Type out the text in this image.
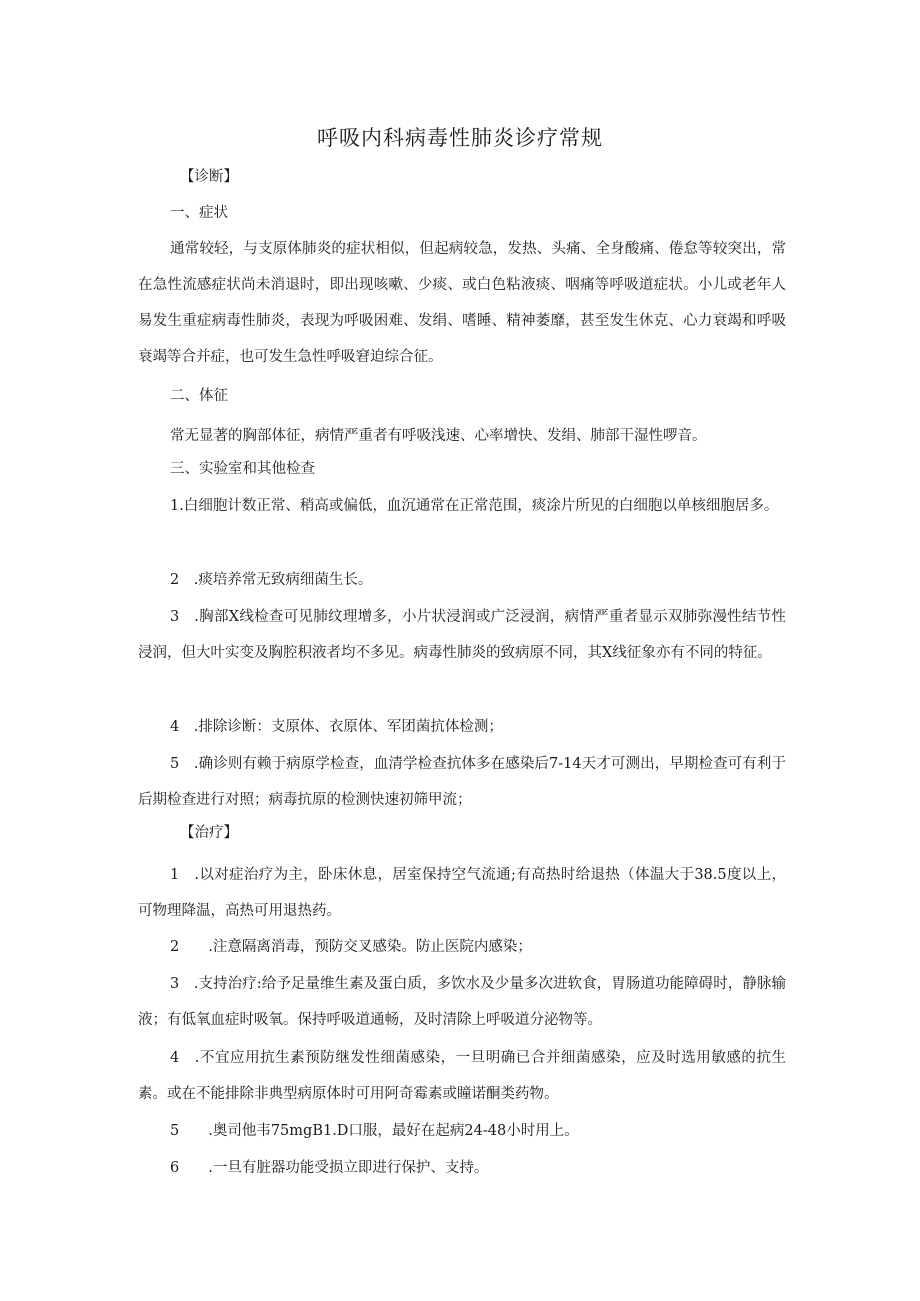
呼吸内科病毒性肺炎诊疗常规
【诊断】
一、症状
通常较轻，与支原体肺炎的症状相似，但起病较急，发热、头痛、全身酸痛、倦怠等较突出，常在急性流感症状尚未消退时，即出现咳嗽、少痰、或白色粘液痰、咽痛等呼吸道症状。小儿或老年人易发生重症病毒性肺炎，表现为呼吸困难、发绢、嗜睡、精神萎靡，甚至发生休克、心力衰竭和呼吸衰竭等合并症，也可发生急性呼吸窘迫综合征。
二、体征
常无显著的胸部体征，病情严重者有呼吸浅速、心率增快、发绢、肺部干湿性啰音。
三、实验室和其他检查
1.白细胞计数正常、稍高或偏低，血沉通常在正常范围，痰涂片所见的白细胞以单核细胞居多。
2　.痰培养常无致病细菌生长。
3　.胸部X线检查可见肺纹理增多，小片状浸润或广泛浸润，病情严重者显示双肺弥漫性结节性浸润，但大叶实变及胸腔积液者均不多见。病毒性肺炎的致病原不同，其X线征象亦有不同的特征。
4　.排除诊断：支原体、衣原体、军团菌抗体检测；
5　.确诊则有赖于病原学检查，血清学检查抗体多在感染后7-14天才可测出，早期检查可有利于后期检查进行对照；病毒抗原的检测快速初筛甲流；
【治疗】
1　.以对症治疗为主，卧床休息，居室保持空气流通;有高热时给退热（体温大于38.5度以上，可物理降温，高热可用退热药。
2　　.注意隔离消毒，预防交叉感染。防止医院内感染；
3　.支持治疗:给予足量维生素及蛋白质，多饮水及少量多次进软食，胃肠道功能障碍时，静脉输液；有低氧血症时吸氧。保持呼吸道通畅，及时清除上呼吸道分泌物等。
4　.不宜应用抗生素预防继发性细菌感染，一旦明确已合并细菌感染，应及时选用敏感的抗生素。或在不能排除非典型病原体时可用阿奇霉素或瞳诺酮类药物。
5　　.奥司他韦75mgB1.D口服，最好在起病24-48小时用上。
6　　.一旦有脏器功能受损立即进行保护、支持。
